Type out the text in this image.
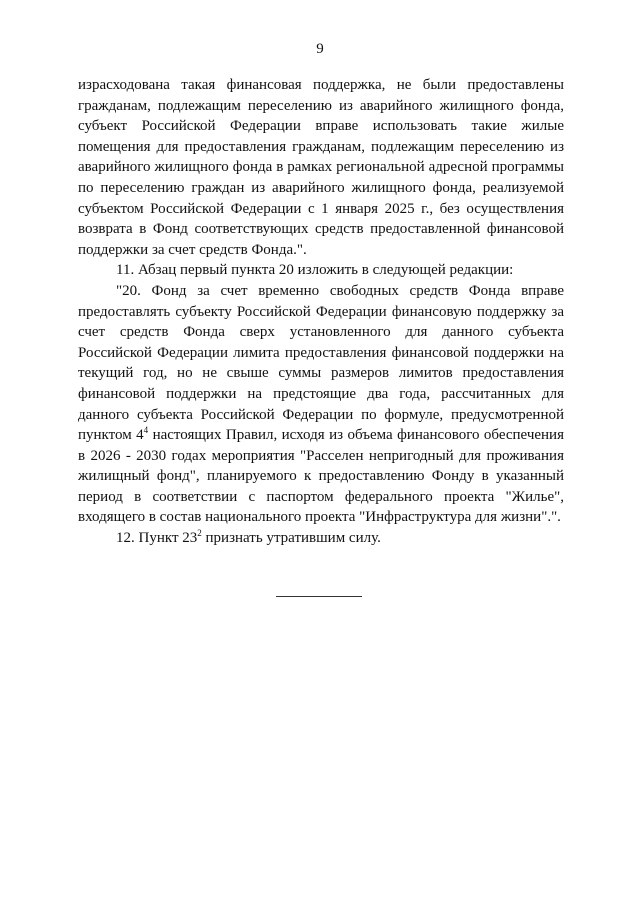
9

израсходована такая финансовая поддержка, не были предоставлены гражданам, подлежащим переселению из аварийного жилищного фонда, субъект Российской Федерации вправе использовать такие жилые помещения для предоставления гражданам, подлежащим переселению из аварийного жилищного фонда в рамках региональной адресной программы по переселению граждан из аварийного жилищного фонда, реализуемой субъектом Российской Федерации с 1 января 2025 г., без осуществления возврата в Фонд соответствующих средств предоставленной финансовой поддержки за счет средств Фонда.".

11. Абзац первый пункта 20 изложить в следующей редакции:

"20. Фонд за счет временно свободных средств Фонда вправе предоставлять субъекту Российской Федерации финансовую поддержку за счет средств Фонда сверх установленного для данного субъекта Российской Федерации лимита предоставления финансовой поддержки на текущий год, но не свыше суммы размеров лимитов предоставления финансовой поддержки на предстоящие два года, рассчитанных для данного субъекта Российской Федерации по формуле, предусмотренной пунктом $4^4$ настоящих Правил, исходя из объема финансового обеспечения в 2026 - 2030 годах мероприятия "Расселен непригодный для проживания жилищный фонд", планируемого к предоставлению Фонду в указанный период в соответствии с паспортом федерального проекта "Жилье", входящего в состав национального проекта "Инфраструктура для жизни".".

12. Пункт $23^2$ признать утратившим силу.
